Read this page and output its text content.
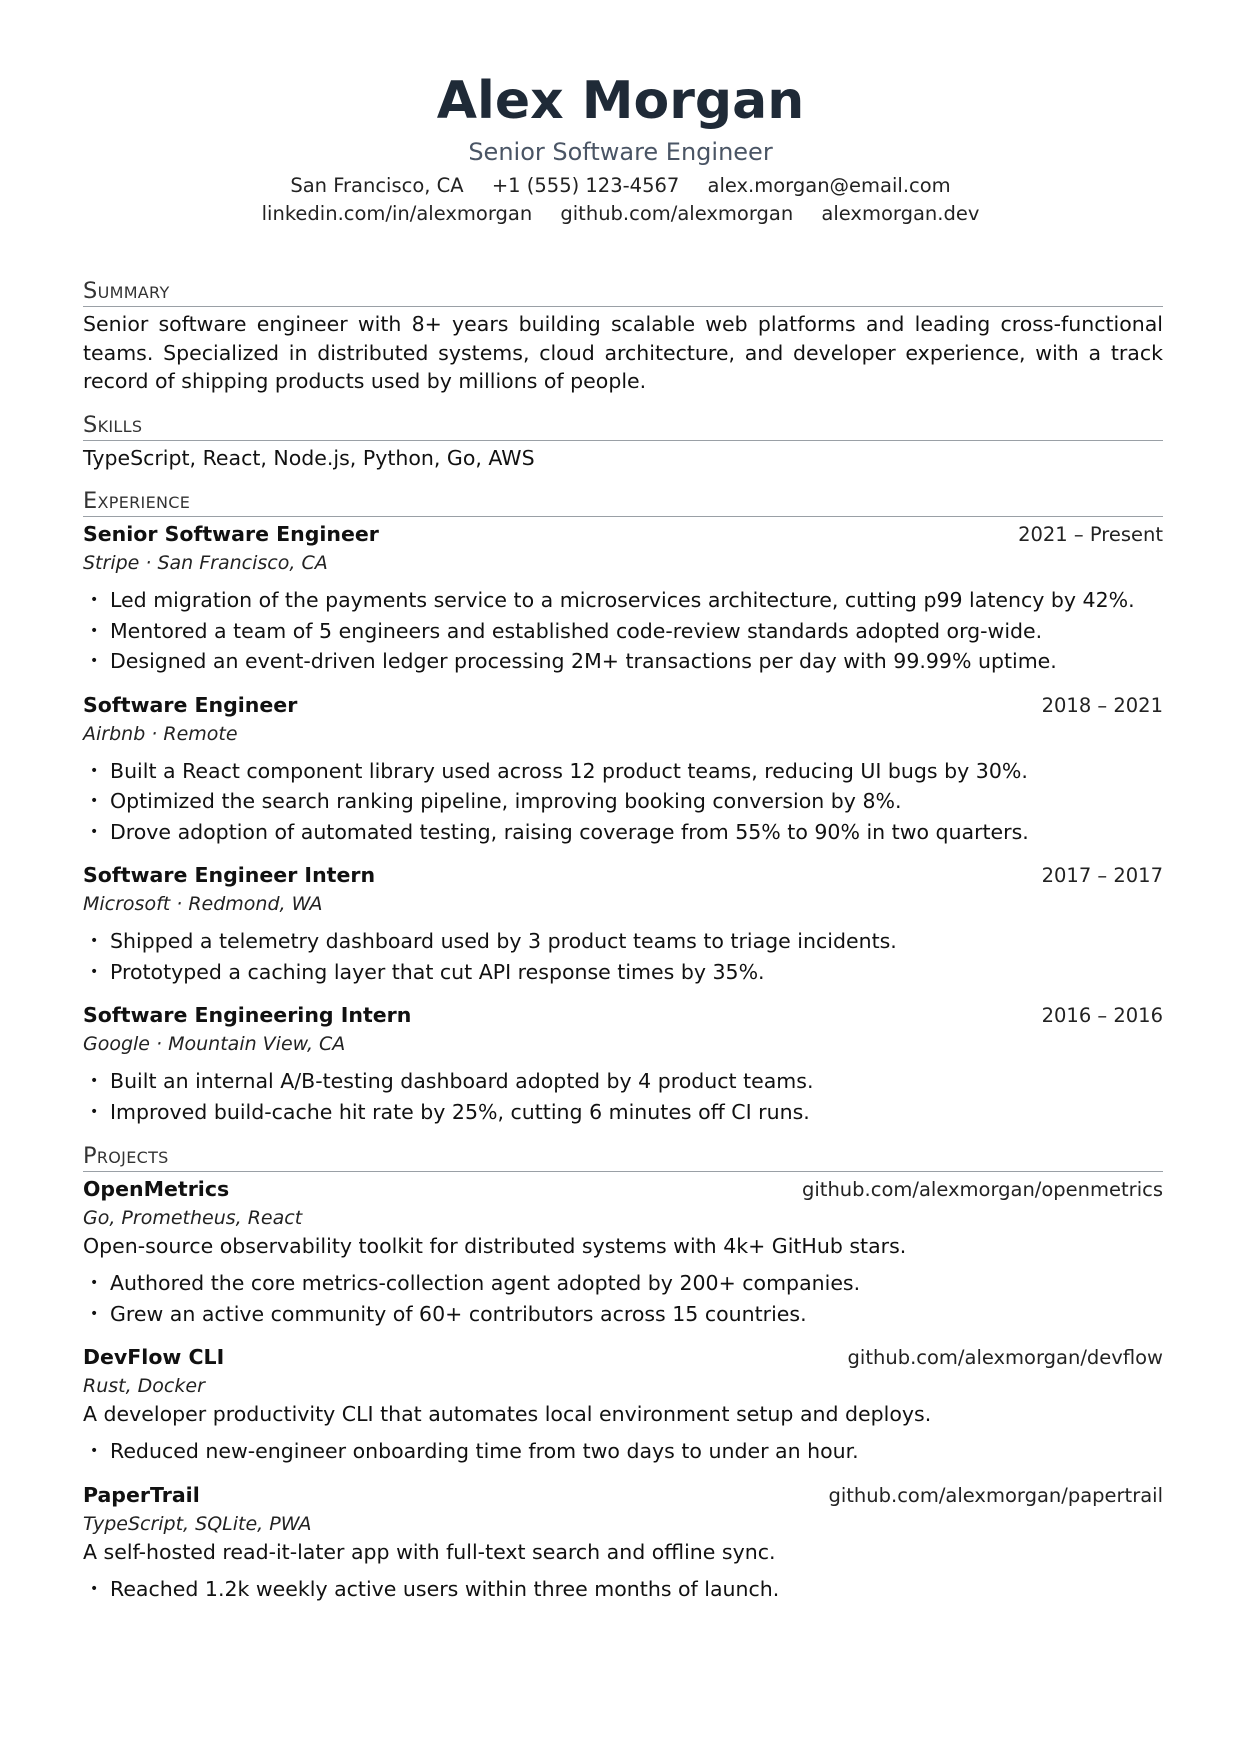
Alex Morgan
Senior Software Engineer
San Francisco, CA +1 (555) 123-4567 alex.morgan@email.com linkedin.com/in/alexmorgan github.com/alexmorgan alexmorgan.dev
Summary
Senior software engineer with 8+ years building scalable web platforms and leading cross-functional teams. Specialized in distributed systems, cloud architecture, and developer experience, with a track record of shipping products used by millions of people.
Skills
TypeScript, React, Node.js, Python, Go, AWS
Experience
Senior Software Engineer	2021 – Present
Stripe · San Francisco, CA
• Led migration of the payments service to a microservices architecture, cutting p99 latency by 42%.
• Mentored a team of 5 engineers and established code-review standards adopted org-wide.
• Designed an event-driven ledger processing 2M+ transactions per day with 99.99% uptime.
Software Engineer	2018 – 2021
Airbnb · Remote
• Built a React component library used across 12 product teams, reducing UI bugs by 30%.
• Optimized the search ranking pipeline, improving booking conversion by 8%.
• Drove adoption of automated testing, raising coverage from 55% to 90% in two quarters.
Software Engineer Intern	2017 – 2017
Microsoft · Redmond, WA
• Shipped a telemetry dashboard used by 3 product teams to triage incidents.
• Prototyped a caching layer that cut API response times by 35%.
Software Engineering Intern	2016 – 2016
Google · Mountain View, CA
• Built an internal A/B-testing dashboard adopted by 4 product teams.
• Improved build-cache hit rate by 25%, cutting 6 minutes off CI runs.
Projects
OpenMetrics	github.com/alexmorgan/openmetrics
Go, Prometheus, React
Open-source observability toolkit for distributed systems with 4k+ GitHub stars.
• Authored the core metrics-collection agent adopted by 200+ companies.
• Grew an active community of 60+ contributors across 15 countries.
DevFlow CLI	github.com/alexmorgan/devflow
Rust, Docker
A developer productivity CLI that automates local environment setup and deploys.
• Reduced new-engineer onboarding time from two days to under an hour.
PaperTrail	github.com/alexmorgan/papertrail
TypeScript, SQLite, PWA
A self-hosted read-it-later app with full-text search and offline sync.
• Reached 1.2k weekly active users within three months of launch.
